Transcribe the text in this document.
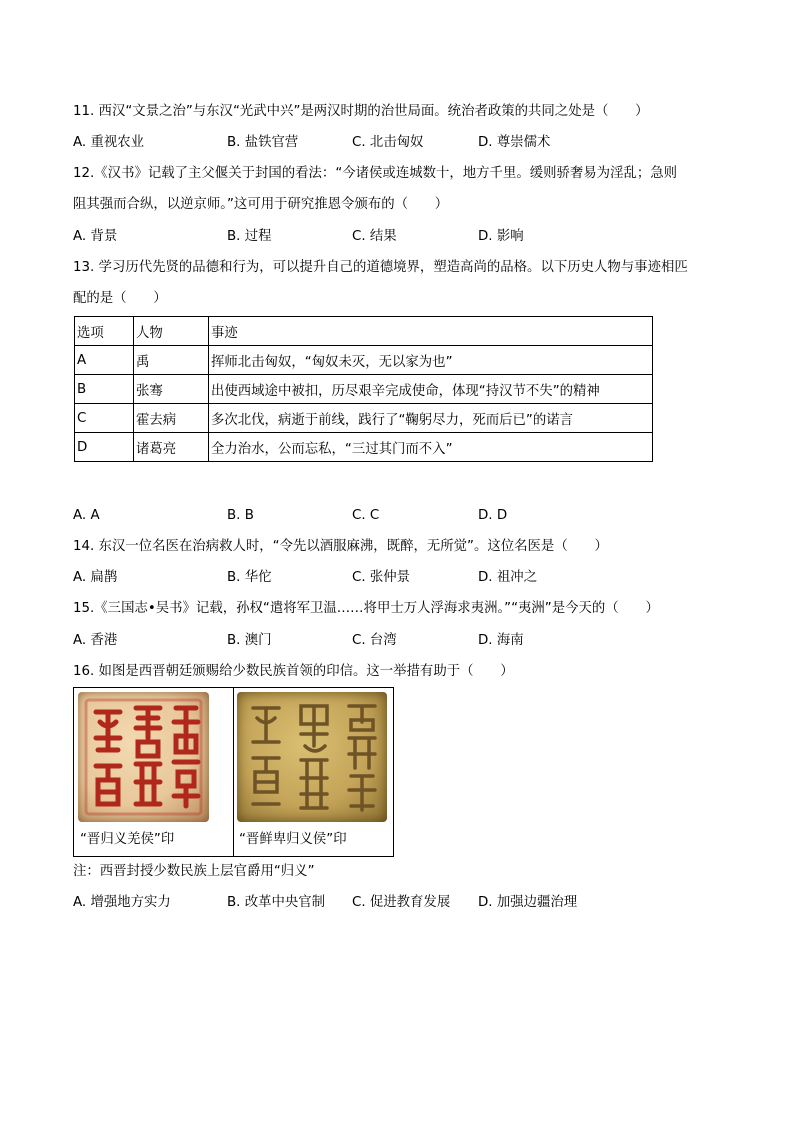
11. 西汉“文景之治”与东汉“光武中兴”是两汉时期的治世局面。统治者政策的共同之处是（　　）
A. 重视农业	B. 盐铁官营	C. 北击匈奴	D. 尊崇儒术
12.《汉书》记载了主父偃关于封国的看法：“今诸侯或连城数十，地方千里。缓则骄奢易为淫乱；急则
阻其强而合纵，以逆京师。”这可用于研究推恩令颁布的（　　）
A. 背景	B. 过程	C. 结果	D. 影响
13. 学习历代先贤的品德和行为，可以提升自己的道德境界，塑造高尚的品格。以下历史人物与事迹相匹
配的是（　　）
选项	人物	事迹
A	禹	挥师北击匈奴，“匈奴未灭，无以家为也”
B	张骞	出使西域途中被扣，历尽艰辛完成使命，体现“持汉节不失”的精神
C	霍去病	多次北伐，病逝于前线，践行了“鞠躬尽力，死而后已”的诺言
D	诸葛亮	全力治水，公而忘私，“三过其门而不入”
A. A	B. B	C. C	D. D
14. 东汉一位名医在治病救人时，“令先以酒服麻沸，既醉，无所觉”。这位名医是（　　）
A. 扁鹊	B. 华佗	C. 张仲景	D. 祖冲之
15.《三国志•吴书》记载，孙权“遣将军卫温……将甲士万人浮海求夷洲。”“夷洲”是今天的（　　）
A. 香港	B. 澳门	C. 台湾	D. 海南
16. 如图是西晋朝廷颁赐给少数民族首领的印信。这一举措有助于（　　）
“晋归义羌侯”印	“晋鲜卑归义侯”印
注：西晋封授少数民族上层官爵用“归义”
A. 增强地方实力	B. 改革中央官制 C. 促进教育发展 D. 加强边疆治理
